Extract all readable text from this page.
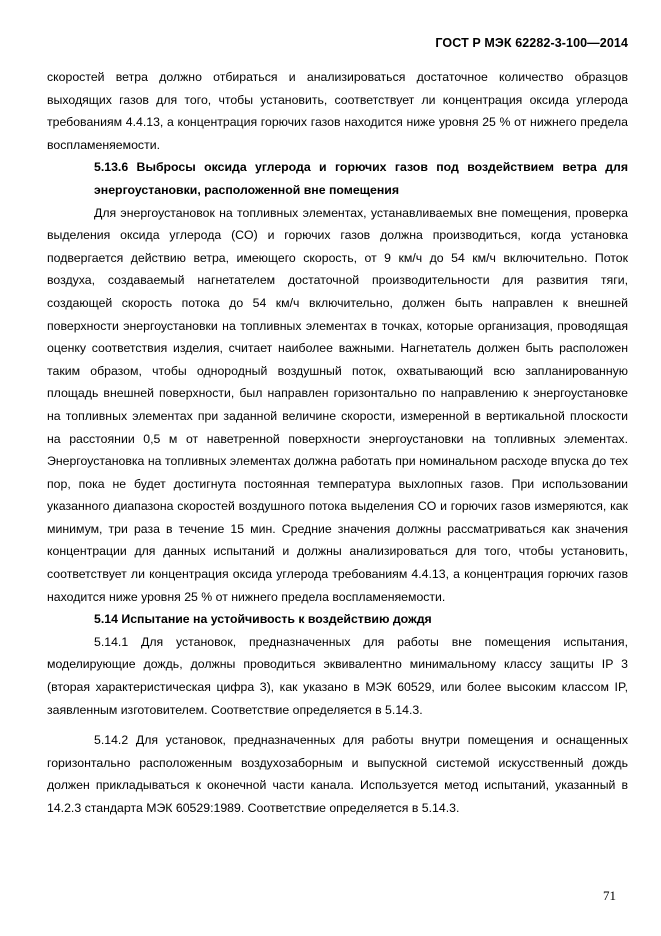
ГОСТ Р МЭК 62282-3-100—2014

скоростей ветра должно отбираться и анализироваться достаточное количество образцов выходящих газов для того, чтобы установить, соответствует ли концентрация оксида углерода требованиям 4.4.13, а концентрация горючих газов находится ниже уровня 25 % от нижнего предела воспламеняемости.

5.13.6 Выбросы оксида углерода и горючих газов под воздействием ветра для энергоустановки, расположенной вне помещения

Для энергоустановок на топливных элементах, устанавливаемых вне помещения, проверка выделения оксида углерода (CO) и горючих газов должна производиться, когда установка подвергается действию ветра, имеющего скорость, от 9 км/ч до 54 км/ч включительно. Поток воздуха, создаваемый нагнетателем достаточной производительности для развития тяги, создающей скорость потока до 54 км/ч включительно, должен быть направлен к внешней поверхности энергоустановки на топливных элементах в точках, которые организация, проводящая оценку соответствия изделия, считает наиболее важными. Нагнетатель должен быть расположен таким образом, чтобы однородный воздушный поток, охватывающий всю запланированную площадь внешней поверхности, был направлен горизонтально по направлению к энергоустановке на топливных элементах при заданной величине скорости, измеренной в вертикальной плоскости на расстоянии 0,5 м от наветренной поверхности энергоустановки на топливных элементах. Энергоустановка на топливных элементах должна работать при номинальном расходе впуска до тех пор, пока не будет достигнута постоянная температура выхлопных газов. При использовании указанного диапазона скоростей воздушного потока выделения CO и горючих газов измеряются, как минимум, три раза в течение 15 мин. Средние значения должны рассматриваться как значения концентрации для данных испытаний и должны анализироваться для того, чтобы установить, соответствует ли концентрация оксида углерода требованиям 4.4.13, а концентрация горючих газов находится ниже уровня 25 % от нижнего предела воспламеняемости.

5.14 Испытание на устойчивость к воздействию дождя

5.14.1 Для установок, предназначенных для работы вне помещения испытания, моделирующие дождь, должны проводиться эквивалентно минимальному классу защиты IP 3 (вторая характеристическая цифра 3), как указано в МЭК 60529, или более высоким классом IP, заявленным изготовителем. Соответствие определяется в 5.14.3.

5.14.2 Для установок, предназначенных для работы внутри помещения и оснащенных горизонтально расположенным воздухозаборным и выпускной системой искусственный дождь должен прикладываться к оконечной части канала. Используется метод испытаний, указанный в 14.2.3 стандарта МЭК 60529:1989. Соответствие определяется в 5.14.3.

71
